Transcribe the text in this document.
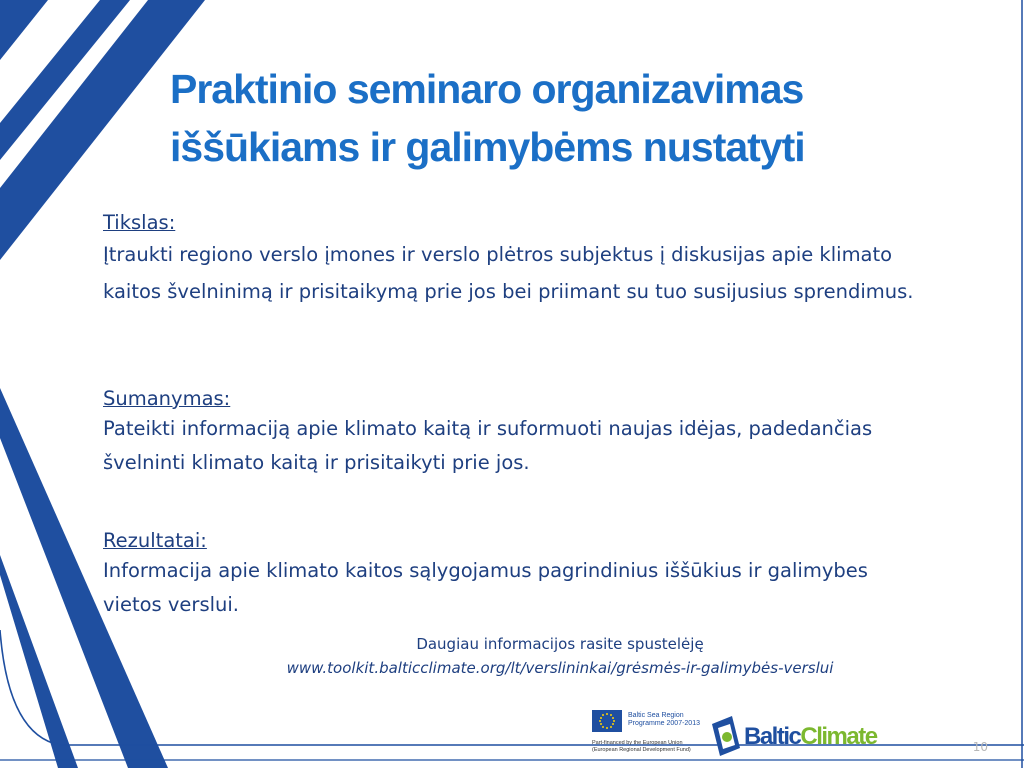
Praktinio seminaro organizavimas
iššūkiams ir galimybėms nustatyti
Tikslas:

Įtraukti regiono verslo įmones ir verslo plėtros subjektus į diskusijas apie klimato kaitos švelninimą ir prisitaikymą prie jos bei priimant su tuo susijusius sprendimus.

Sumanymas:

Pateikti informaciją apie klimato kaitą ir suformuoti naujas idėjas, padedančias švelninti klimato kaitą ir prisitaikyti prie jos.

Rezultatai:

Informacija apie klimato kaitos sąlygojamus pagrindinius iššūkius ir galimybes vietos verslui.

Daugiau informacijos rasite spustelėję
www.toolkit.balticclimate.org/lt/verslininkai/grėsmės-ir-galimybės-verslui
Baltic Sea Region
Programme 2007-2013
Part-financed by the European Union (European Regional Development Fund)	BalticClimate	10
